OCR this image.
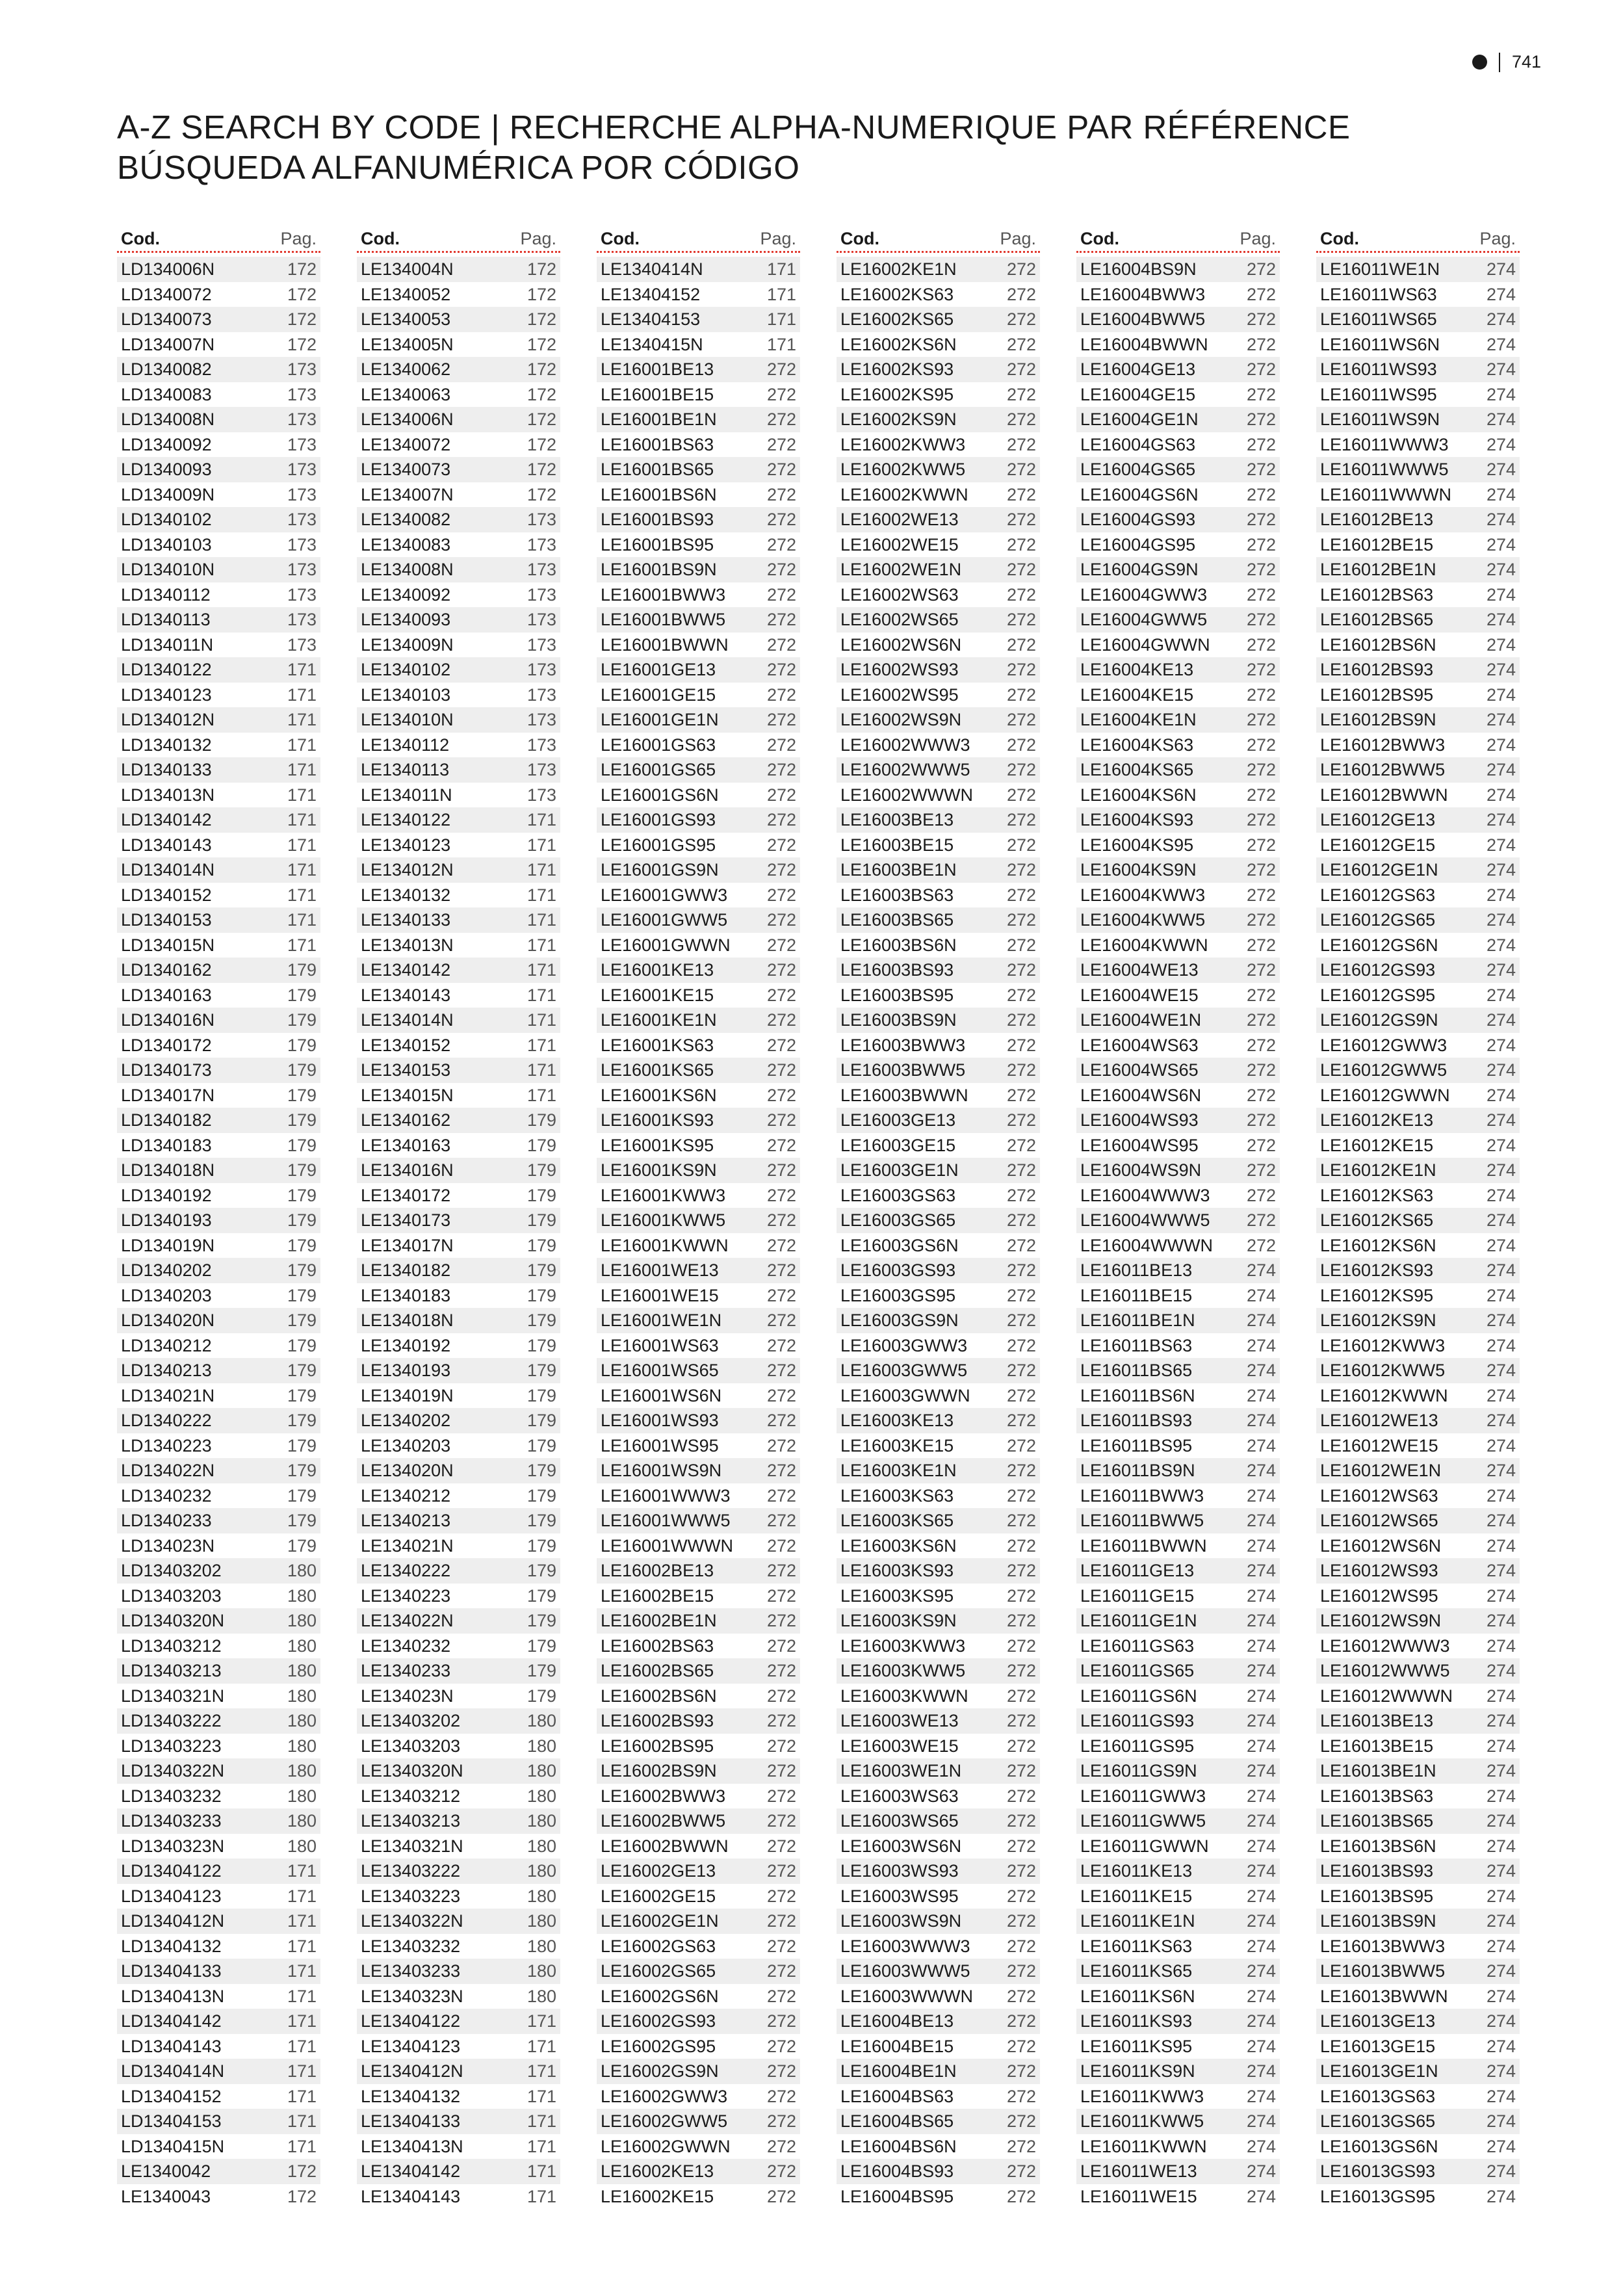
741
A-Z SEARCH BY CODE | RECHERCHE ALPHA-NUMERIQUE PAR RÉFÉRENCE
BÚSQUEDA ALFANUMÉRICA POR CÓDIGO
Cod.	Pag.
LD134006N	172
LD1340072	172
LD1340073	172
LD134007N	172
LD1340082	173
LD1340083	173
LD134008N	173
LD1340092	173
LD1340093	173
LD134009N	173
LD1340102	173
LD1340103	173
LD134010N	173
LD1340112	173
LD1340113	173
LD134011N	173
LD1340122	171
LD1340123	171
LD134012N	171
LD1340132	171
LD1340133	171
LD134013N	171
LD1340142	171
LD1340143	171
LD134014N	171
LD1340152	171
LD1340153	171
LD134015N	171
LD1340162	179
LD1340163	179
LD134016N	179
LD1340172	179
LD1340173	179
LD134017N	179
LD1340182	179
LD1340183	179
LD134018N	179
LD1340192	179
LD1340193	179
LD134019N	179
LD1340202	179
LD1340203	179
LD134020N	179
LD1340212	179
LD1340213	179
LD134021N	179
LD1340222	179
LD1340223	179
LD134022N	179
LD1340232	179
LD1340233	179
LD134023N	179
LD13403202	180
LD13403203	180
LD1340320N	180
LD13403212	180
LD13403213	180
LD1340321N	180
LD13403222	180
LD13403223	180
LD1340322N	180
LD13403232	180
LD13403233	180
LD1340323N	180
LD13404122	171
LD13404123	171
LD1340412N	171
LD13404132	171
LD13404133	171
LD1340413N	171
LD13404142	171
LD13404143	171
LD1340414N	171
LD13404152	171
LD13404153	171
LD1340415N	171
LE1340042	172
LE1340043	172
Cod.	Pag.
LE134004N	172
LE1340052	172
LE1340053	172
LE134005N	172
LE1340062	172
LE1340063	172
LE134006N	172
LE1340072	172
LE1340073	172
LE134007N	172
LE1340082	173
LE1340083	173
LE134008N	173
LE1340092	173
LE1340093	173
LE134009N	173
LE1340102	173
LE1340103	173
LE134010N	173
LE1340112	173
LE1340113	173
LE134011N	173
LE1340122	171
LE1340123	171
LE134012N	171
LE1340132	171
LE1340133	171
LE134013N	171
LE1340142	171
LE1340143	171
LE134014N	171
LE1340152	171
LE1340153	171
LE134015N	171
LE1340162	179
LE1340163	179
LE134016N	179
LE1340172	179
LE1340173	179
LE134017N	179
LE1340182	179
LE1340183	179
LE134018N	179
LE1340192	179
LE1340193	179
LE134019N	179
LE1340202	179
LE1340203	179
LE134020N	179
LE1340212	179
LE1340213	179
LE134021N	179
LE1340222	179
LE1340223	179
LE134022N	179
LE1340232	179
LE1340233	179
LE134023N	179
LE13403202	180
LE13403203	180
LE1340320N	180
LE13403212	180
LE13403213	180
LE1340321N	180
LE13403222	180
LE13403223	180
LE1340322N	180
LE13403232	180
LE13403233	180
LE1340323N	180
LE13404122	171
LE13404123	171
LE1340412N	171
LE13404132	171
LE13404133	171
LE1340413N	171
LE13404142	171
LE13404143	171
Cod.	Pag.
LE1340414N	171
LE13404152	171
LE13404153	171
LE1340415N	171
LE16001BE13	272
LE16001BE15	272
LE16001BE1N	272
LE16001BS63	272
LE16001BS65	272
LE16001BS6N	272
LE16001BS93	272
LE16001BS95	272
LE16001BS9N	272
LE16001BWW3 272
LE16001BWW5 272
LE16001BWWN 272
LE16001GE13	272
LE16001GE15	272
LE16001GE1N	272
LE16001GS63	272
LE16001GS65	272
LE16001GS6N	272
LE16001GS93	272
LE16001GS95	272
LE16001GS9N	272
LE16001GWW3 272
LE16001GWW5 272
LE16001GWWN 272
LE16001KE13	272
LE16001KE15	272
LE16001KE1N	272
LE16001KS63	272
LE16001KS65	272
LE16001KS6N	272
LE16001KS93	272
LE16001KS95	272
LE16001KS9N	272
LE16001KWW3 272
LE16001KWW5 272
LE16001KWWN 272
LE16001WE13	272
LE16001WE15	272
LE16001WE1N	272
LE16001WS63	272
LE16001WS65	272
LE16001WS6N	272
LE16001WS93	272
LE16001WS95	272
LE16001WS9N	272
LE16001WWW3 272
LE16001WWW5 272
LE16001WWWN 272
LE16002BE13	272
LE16002BE15	272
LE16002BE1N	272
LE16002BS63	272
LE16002BS65	272
LE16002BS6N	272
LE16002BS93	272
LE16002BS95	272
LE16002BS9N	272
LE16002BWW3 272
LE16002BWW5 272
LE16002BWWN 272
LE16002GE13	272
LE16002GE15	272
LE16002GE1N	272
LE16002GS63	272
LE16002GS65	272
LE16002GS6N	272
LE16002GS93	272
LE16002GS95	272
LE16002GS9N	272
LE16002GWW3 272
LE16002GWW5 272
LE16002GWWN 272
LE16002KE13	272
LE16002KE15	272
Cod.	Pag.
LE16002KE1N	272
LE16002KS63	272
LE16002KS65	272
LE16002KS6N	272
LE16002KS93	272
LE16002KS95	272
LE16002KS9N	272
LE16002KWW3 272
LE16002KWW5 272
LE16002KWWN 272
LE16002WE13	272
LE16002WE15	272
LE16002WE1N	272
LE16002WS63	272
LE16002WS65	272
LE16002WS6N	272
LE16002WS93	272
LE16002WS95	272
LE16002WS9N	272
LE16002WWW3 272
LE16002WWW5 272
LE16002WWWN 272
LE16003BE13	272
LE16003BE15	272
LE16003BE1N	272
LE16003BS63	272
LE16003BS65	272
LE16003BS6N	272
LE16003BS93	272
LE16003BS95	272
LE16003BS9N	272
LE16003BWW3 272
LE16003BWW5 272
LE16003BWWN 272
LE16003GE13	272
LE16003GE15	272
LE16003GE1N	272
LE16003GS63	272
LE16003GS65	272
LE16003GS6N	272
LE16003GS93	272
LE16003GS95	272
LE16003GS9N	272
LE16003GWW3 272
LE16003GWW5 272
LE16003GWWN 272
LE16003KE13	272
LE16003KE15	272
LE16003KE1N	272
LE16003KS63	272
LE16003KS65	272
LE16003KS6N	272
LE16003KS93	272
LE16003KS95	272
LE16003KS9N	272
LE16003KWW3 272
LE16003KWW5 272
LE16003KWWN 272
LE16003WE13	272
LE16003WE15	272
LE16003WE1N	272
LE16003WS63	272
LE16003WS65	272
LE16003WS6N	272
LE16003WS93	272
LE16003WS95	272
LE16003WS9N	272
LE16003WWW3 272
LE16003WWW5 272
LE16003WWWN 272
LE16004BE13	272
LE16004BE15	272
LE16004BE1N	272
LE16004BS63	272
LE16004BS65	272
LE16004BS6N	272
LE16004BS93	272
LE16004BS95	272
Cod.	Pag.
LE16004BS9N	272
LE16004BWW3 272
LE16004BWW5 272
LE16004BWWN 272
LE16004GE13	272
LE16004GE15	272
LE16004GE1N	272
LE16004GS63	272
LE16004GS65	272
LE16004GS6N	272
LE16004GS93	272
LE16004GS95	272
LE16004GS9N	272
LE16004GWW3 272
LE16004GWW5 272
LE16004GWWN 272
LE16004KE13	272
LE16004KE15	272
LE16004KE1N	272
LE16004KS63	272
LE16004KS65	272
LE16004KS6N	272
LE16004KS93	272
LE16004KS95	272
LE16004KS9N	272
LE16004KWW3 272
LE16004KWW5 272
LE16004KWWN 272
LE16004WE13	272
LE16004WE15	272
LE16004WE1N	272
LE16004WS63	272
LE16004WS65	272
LE16004WS6N	272
LE16004WS93	272
LE16004WS95	272
LE16004WS9N	272
LE16004WWW3 272
LE16004WWW5 272
LE16004WWWN 272
LE16011BE13	274
LE16011BE15	274
LE16011BE1N	274
LE16011BS63	274
LE16011BS65	274
LE16011BS6N	274
LE16011BS93	274
LE16011BS95	274
LE16011BS9N	274
LE16011BWW3 274
LE16011BWW5 274
LE16011BWWN 274
LE16011GE13	274
LE16011GE15	274
LE16011GE1N	274
LE16011GS63	274
LE16011GS65	274
LE16011GS6N	274
LE16011GS93	274
LE16011GS95	274
LE16011GS9N	274
LE16011GWW3 274
LE16011GWW5 274
LE16011GWWN 274
LE16011KE13	274
LE16011KE15	274
LE16011KE1N	274
LE16011KS63	274
LE16011KS65	274
LE16011KS6N	274
LE16011KS93	274
LE16011KS95	274
LE16011KS9N	274
LE16011KWW3 274
LE16011KWW5 274
LE16011KWWN 274
LE16011WE13	274
LE16011WE15	274
Cod.	Pag.
LE16011WE1N	274
LE16011WS63	274
LE16011WS65	274
LE16011WS6N	274
LE16011WS93	274
LE16011WS95	274
LE16011WS9N	274
LE16011WWW3 274
LE16011WWW5 274
LE16011WWWN 274
LE16012BE13	274
LE16012BE15	274
LE16012BE1N	274
LE16012BS63	274
LE16012BS65	274
LE16012BS6N	274
LE16012BS93	274
LE16012BS95	274
LE16012BS9N	274
LE16012BWW3 274
LE16012BWW5 274
LE16012BWWN 274
LE16012GE13	274
LE16012GE15	274
LE16012GE1N	274
LE16012GS63	274
LE16012GS65	274
LE16012GS6N	274
LE16012GS93	274
LE16012GS95	274
LE16012GS9N	274
LE16012GWW3 274
LE16012GWW5 274
LE16012GWWN 274
LE16012KE13	274
LE16012KE15	274
LE16012KE1N	274
LE16012KS63	274
LE16012KS65	274
LE16012KS6N	274
LE16012KS93	274
LE16012KS95	274
LE16012KS9N	274
LE16012KWW3 274
LE16012KWW5 274
LE16012KWWN 274
LE16012WE13	274
LE16012WE15	274
LE16012WE1N	274
LE16012WS63	274
LE16012WS65	274
LE16012WS6N	274
LE16012WS93	274
LE16012WS95	274
LE16012WS9N	274
LE16012WWW3 274
LE16012WWW5 274
LE16012WWWN 274
LE16013BE13	274
LE16013BE15	274
LE16013BE1N	274
LE16013BS63	274
LE16013BS65	274
LE16013BS6N	274
LE16013BS93	274
LE16013BS95	274
LE16013BS9N	274
LE16013BWW3 274
LE16013BWW5 274
LE16013BWWN 274
LE16013GE13	274
LE16013GE15	274
LE16013GE1N	274
LE16013GS63	274
LE16013GS65	274
LE16013GS6N	274
LE16013GS93	274
LE16013GS95	274
